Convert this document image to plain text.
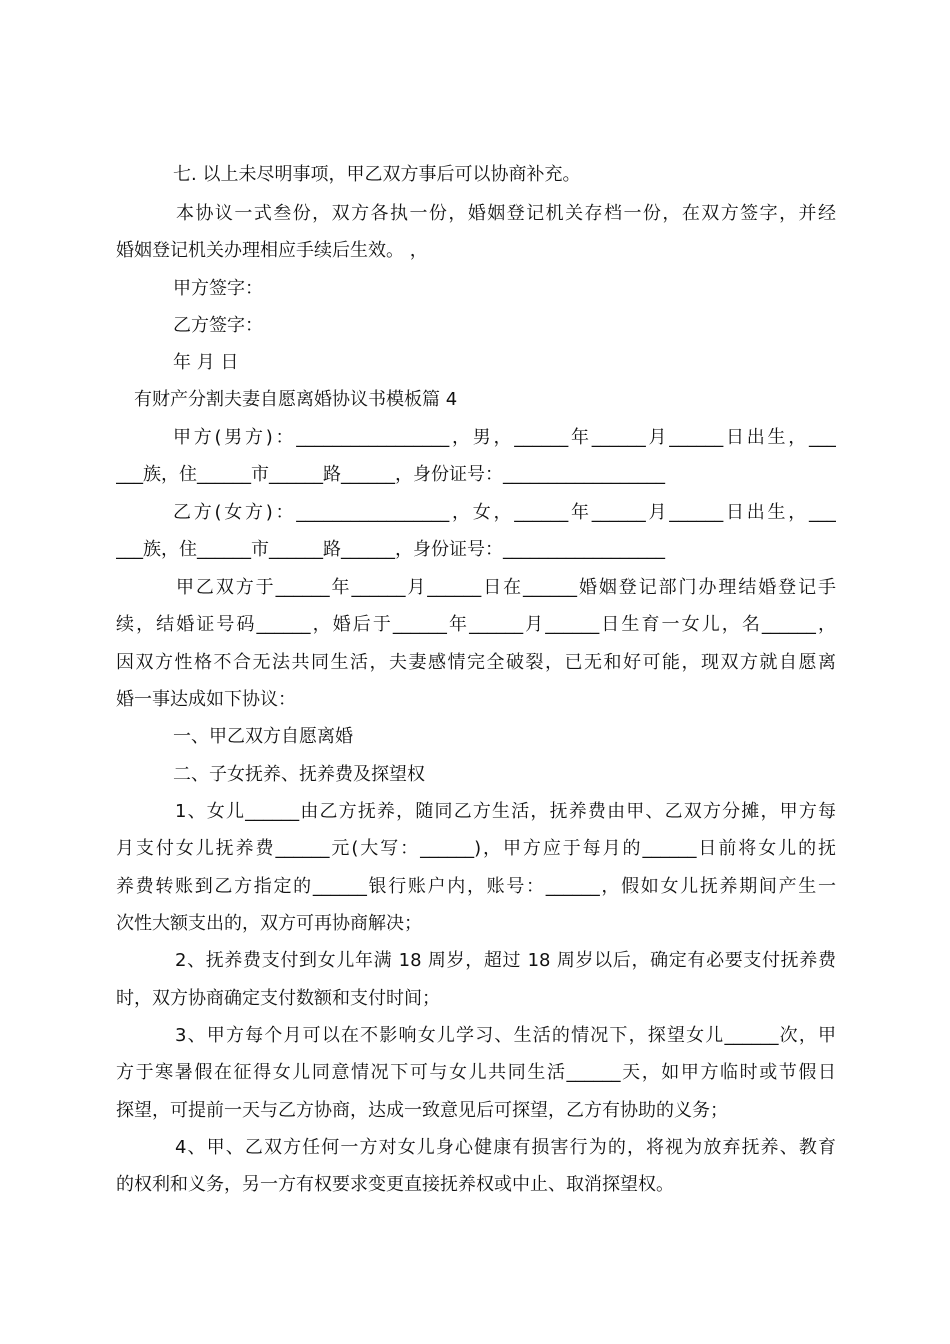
七. 以上未尽明事项，甲乙双方事后可以协商补充。
本协议一式叁份，双方各执一份，婚姻登记机关存档一份，在双方签字，并经
婚姻登记机关办理相应手续后生效。 ，
甲方签字：
乙方签字：
年 月 日
有财产分割夫妻自愿离婚协议书模板篇 4
甲方(男方)：_________________，男，______年______月______日出生，___
___族，住______市______路______，身份证号：__________________
乙方(女方)：_________________，女，______年______月______日出生，___
___族，住______市______路______，身份证号：__________________
甲乙双方于______年______月______日在______婚姻登记部门办理结婚登记手
续，结婚证号码______，婚后于______年______月______日生育一女儿，名______，
因双方性格不合无法共同生活，夫妻感情完全破裂，已无和好可能，现双方就自愿离
婚一事达成如下协议：
一、甲乙双方自愿离婚
二、子女抚养、抚养费及探望权
1、女儿______由乙方抚养，随同乙方生活，抚养费由甲、乙双方分摊，甲方每
月支付女儿抚养费______元(大写：______)，甲方应于每月的______日前将女儿的抚
养费转账到乙方指定的______银行账户内，账号：______，假如女儿抚养期间产生一
次性大额支出的，双方可再协商解决；
2、抚养费支付到女儿年满 18 周岁，超过 18 周岁以后，确定有必要支付抚养费
时，双方协商确定支付数额和支付时间；
3、甲方每个月可以在不影响女儿学习、生活的情况下，探望女儿______次，甲
方于寒暑假在征得女儿同意情况下可与女儿共同生活______天，如甲方临时或节假日
探望，可提前一天与乙方协商，达成一致意见后可探望，乙方有协助的义务；
4、甲、乙双方任何一方对女儿身心健康有损害行为的，将视为放弃抚养、教育
的权利和义务，另一方有权要求变更直接抚养权或中止、取消探望权。
